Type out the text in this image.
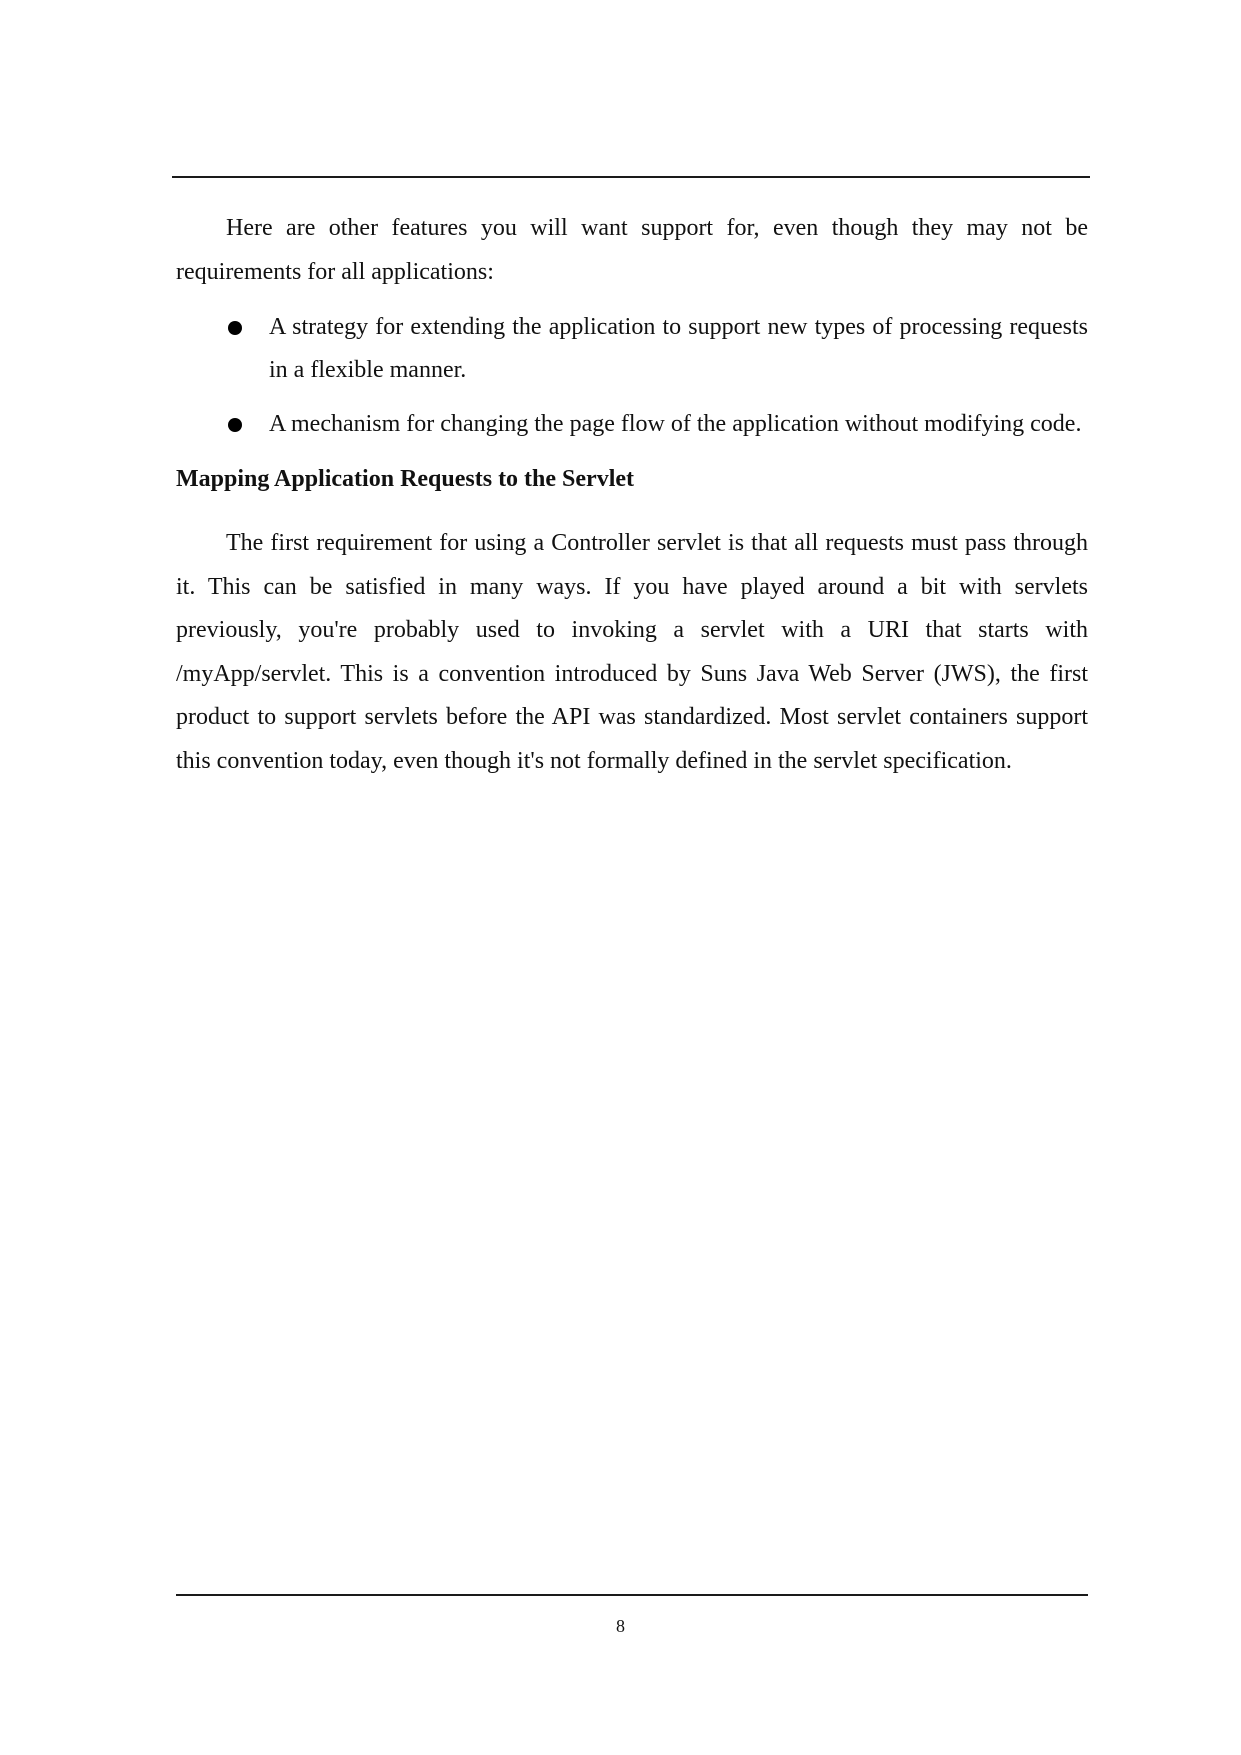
Here are other features you will want support for, even though they may not be requirements for all applications:

A strategy for extending the application to support new types of processing requests in a flexible manner.
A mechanism for changing the page flow of the application without modifying code.
Mapping Application Requests to the Servlet

The first requirement for using a Controller servlet is that all requests must pass through it. This can be satisfied in many ways. If you have played around a bit with servlets previously, you're probably used to invoking a servlet with a URI that starts with /myApp/servlet. This is a convention introduced by Suns Java Web Server (JWS), the first product to support servlets before the API was standardized. Most servlet containers support this convention today, even though it's not formally defined in the servlet specification.

8
